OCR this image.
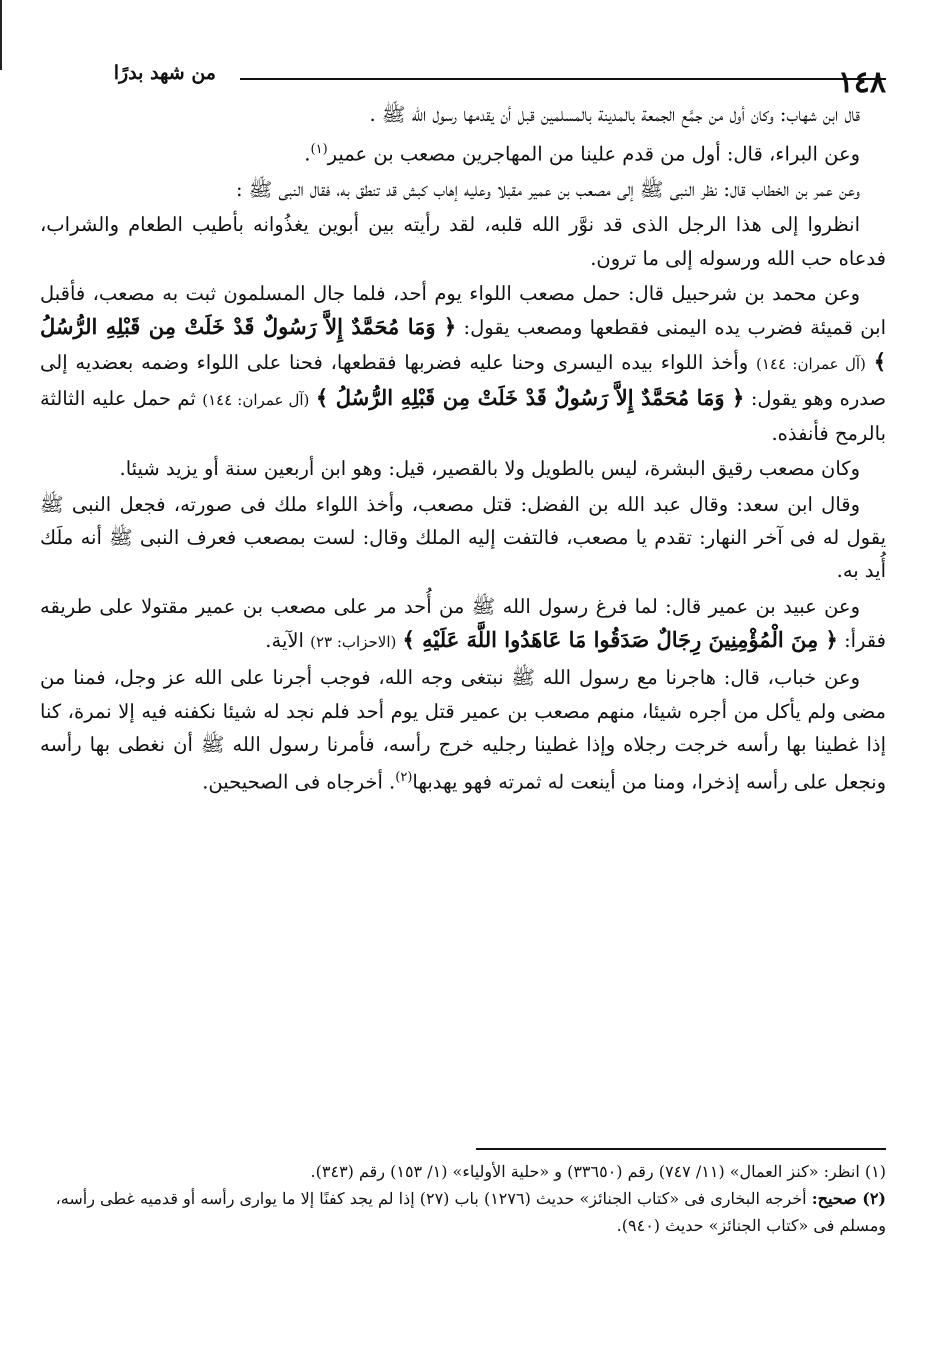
١٤٨
من شهد بدرًا

قال ابن شهاب: وكان أول من جمَّع الجمعة بالمدينة بالمسلمين قبل أن يقدمها رسول الله ﷺ .

وعن البراء، قال: أول من قدم علينا من المهاجرين مصعب بن عمير$^{(١)}$.

وعن عمر بن الخطاب قال: نظر النبى ﷺ إلى مصعب بن عمير مقبلا وعليه إهاب كبش قد تنطق به، فقال النبى ﷺ :

انظروا إلى هذا الرجل الذى قد نوَّر الله قلبه، لقد رأيته بين أبوين يغذُوانه بأطيب الطعام والشراب، فدعاه حب الله ورسوله إلى ما ترون.

وعن محمد بن شرحبيل قال: حمل مصعب اللواء يوم أحد، فلما جال المسلمون ثبت به مصعب، فأقبل ابن قميئة فضرب يده اليمنى فقطعها ومصعب يقول: ﴿ وَمَا مُحَمَّدٌ إِلاَّ رَسُولٌ قَدْ خَلَتْ مِن قَبْلِهِ الرُّسُلُ ﴾ (آل عمران: ١٤٤) وأخذ اللواء بيده اليسرى وحنا عليه فضربها فقطعها، فحنا على اللواء وضمه بعضديه إلى صدره وهو يقول: ﴿ وَمَا مُحَمَّدٌ إِلاَّ رَسُولٌ قَدْ خَلَتْ مِن قَبْلِهِ الرُّسُلُ ﴾ (آل عمران: ١٤٤) ثم حمل عليه الثالثة بالرمح فأنفذه.

وكان مصعب رقيق البشرة، ليس بالطويل ولا بالقصير، قيل: وهو ابن أربعين سنة أو يزيد شيئا.

وقال ابن سعد: وقال عبد الله بن الفضل: قتل مصعب، وأخذ اللواء ملك فى صورته، فجعل النبى ﷺ يقول له فى آخر النهار: تقدم يا مصعب، فالتفت إليه الملك وقال: لست بمصعب فعرف النبى ﷺ أنه ملَك أُيد به.

وعن عبيد بن عمير قال: لما فرغ رسول الله ﷺ من أُحد مر على مصعب بن عمير مقتولا على طريقه فقرأ: ﴿ مِنَ الْمُؤْمِنِينَ رِجَالٌ صَدَقُوا مَا عَاهَدُوا اللَّهَ عَلَيْهِ ﴾ (الاحزاب: ٢٣) الآية.

وعن خباب، قال: هاجرنا مع رسول الله ﷺ نبتغى وجه الله، فوجب أجرنا على الله عز وجل، فمنا من مضى ولم يأكل من أجره شيئا، منهم مصعب بن عمير قتل يوم أحد فلم نجد له شيئا نكفنه فيه إلا نمرة، كنا إذا غطينا بها رأسه خرجت رجلاه وإذا غطينا رجليه خرج رأسه، فأمرنا رسول الله ﷺ أن نغطى بها رأسه ونجعل على رأسه إذخرا، ومنا من أينعت له ثمرته فهو يهدبها$^{(٢)}$. أخرجاه فى الصحيحين.

(١) انظر: «كنز العمال» (١١/ ٧٤٧) رقم (٣٣٦٥٠) و «حلية الأولياء» (١/ ١٥٣) رقم (٣٤٣).

(٢) صحيح: أخرجه البخارى فى «كتاب الجنائز» حديث (١٢٧٦) باب (٢٧) إذا لم يجد كفنًا إلا ما يوارى رأسه أو قدميه غطى رأسه، ومسلم فى «كتاب الجنائز» حديث (٩٤٠).
